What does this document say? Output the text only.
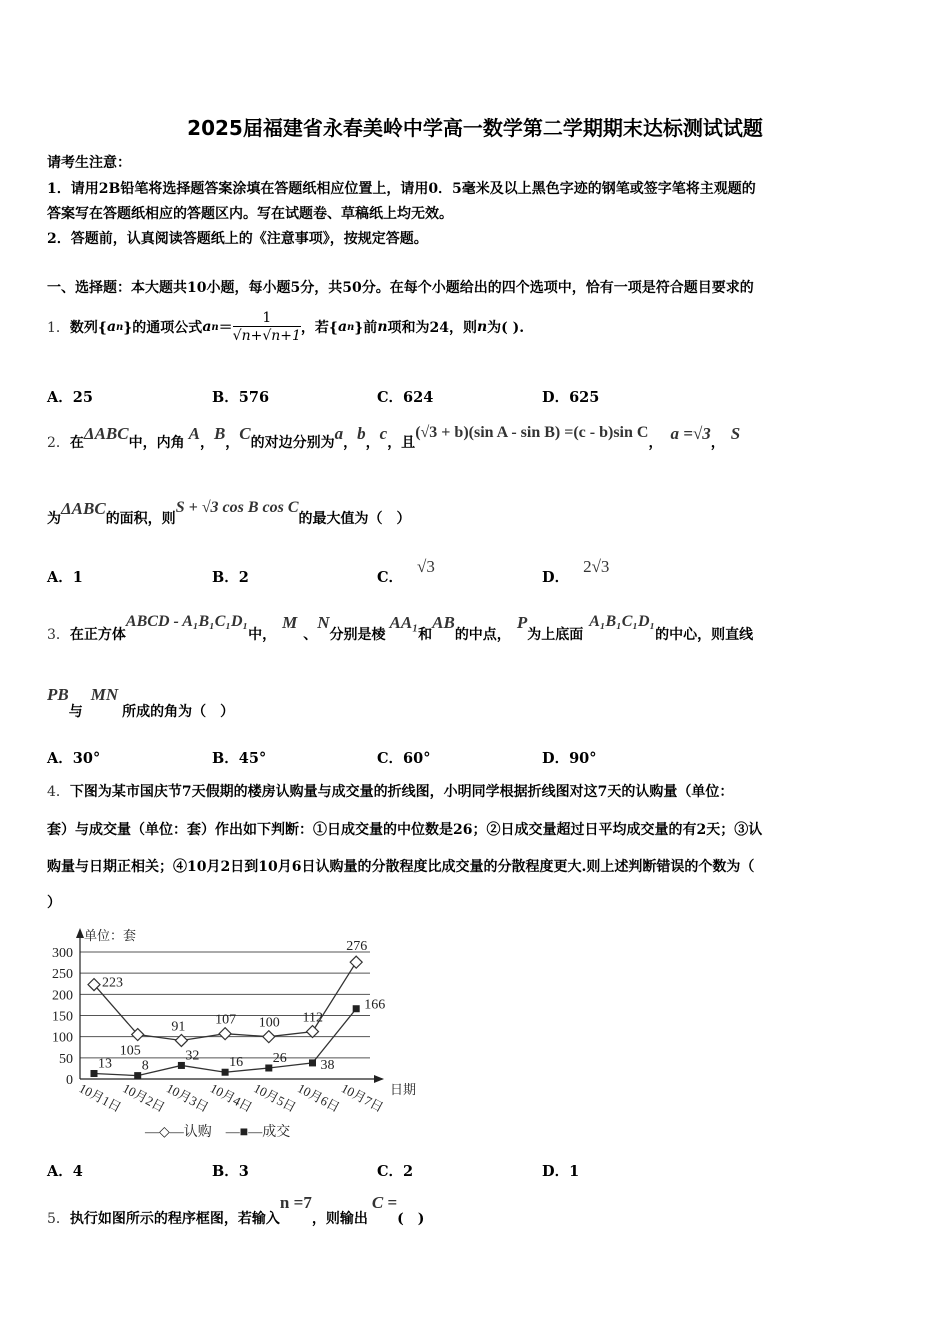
2025届福建省永春美岭中学高一数学第二学期期末达标测试试题
请考生注意：
1．请用2B铅笔将选择题答案涂填在答题纸相应位置上，请用0．5毫米及以上黑色字迹的钢笔或签字笔将主观题的
答案写在答题纸相应的答题区内。写在试题卷、草稿纸上均无效。
2．答题前，认真阅读答题纸上的《注意事项》，按规定答题。
一、选择题：本大题共10小题，每小题5分，共50分。在每个小题给出的四个选项中，恰有一项是符合题目要求的
1． 数列{ a n }的通项公式 a $n = \frac{1}{√n+√n+1}$ ，若{ a n }前 n 项和为24，则 n 为( ).
A．25	B．576	C．624	D．625
2． 在 ΔABC 中，内角 A ， B ， C 的对边分别为 a ， b ， c ，且
(√3 + b)(sin A - sin B) =(c - b)sin C
， a =√3 ， S
为
ΔABC
的面积，则
S + √3 cos B cos C
的最大值为（　）
A．1	B．2	C．√3
D．2√3
3． 在正方体
ABCD - A₁B₁C₁D₁
中，
M
、
N
分别是棱
AA₁
和
AB
的中点，
P
为上底面
A₁B₁C₁D₁
的中心，则直线
PB
与
MN
所成的角为（　）
A．30°	B．45°	C．60°	D．90°
4．下图为某市国庆节7天假期的楼房认购量与成交量的折线图，小明同学根据折线图对这7天的认购量（单位：
套）与成交量（单位：套）作出如下判断：①日成交量的中位数是26；②日成交量超过日平均成交量的有2天；③认
购量与日期正相关；④10月2日到10月6日认购量的分散程度比成交量的分散程度更大.则上述判断错误的个数为（
）
0
50
100
150
200
250
300
单位：套
日期
10月1日
10月2日
10月3日
10月4日
10月5日
10月6日
10月7日
223
105
91 107 100 112
276
13 8
32 16 26 38
166
—◇—认购　—■—成交
A．4	B．3	C．2	D．1
5． 执行如图所示的程序框图，若输入
n =7
，则输出
C =
(　)
